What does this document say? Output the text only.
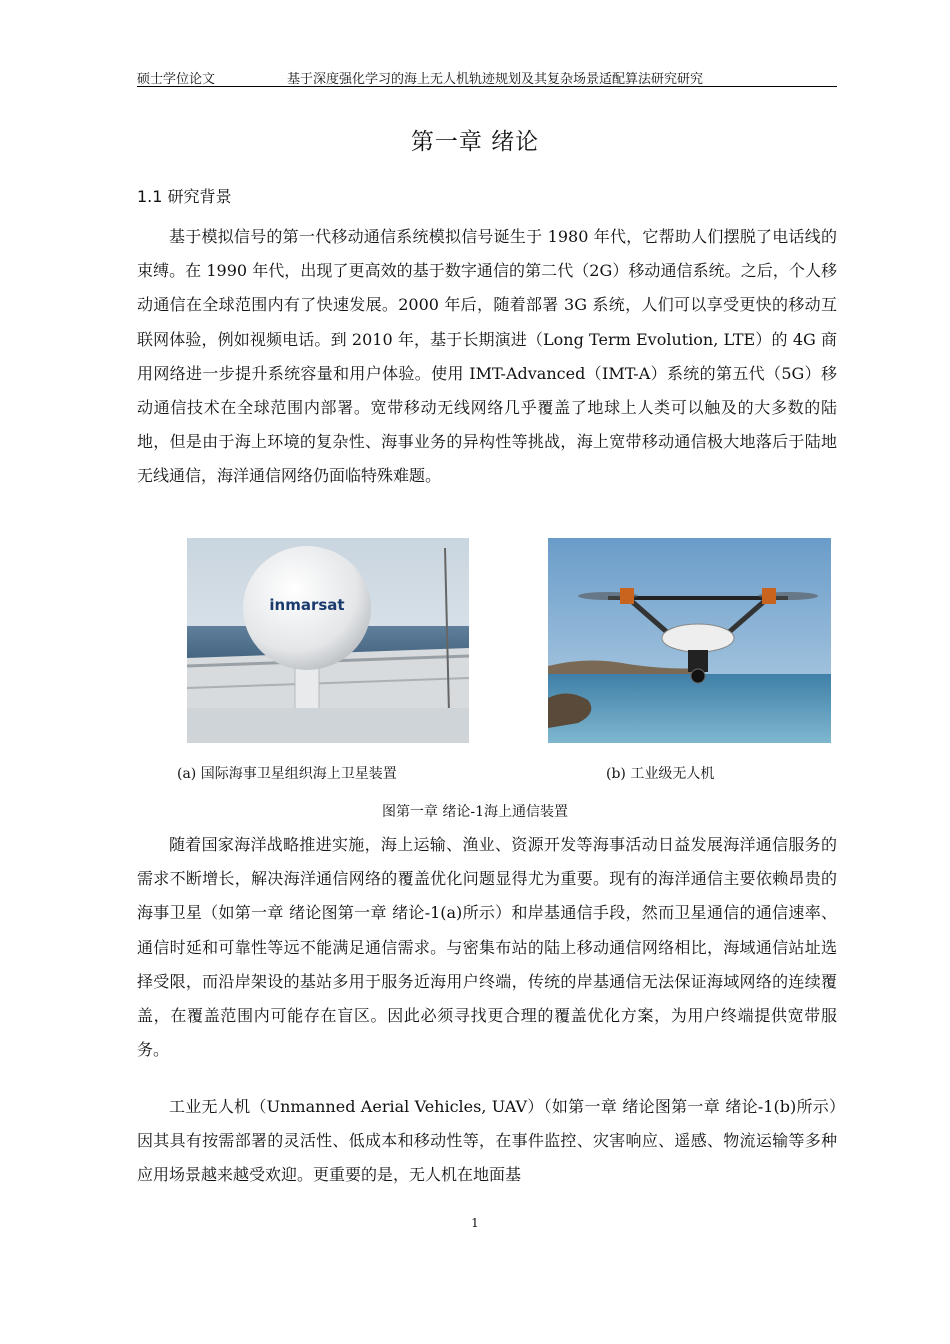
硕士学位论文	基于深度强化学习的海上无人机轨迹规划及其复杂场景适配算法研究研究
第一章 绪论
1.1 研究背景

基于模拟信号的第一代移动通信系统模拟信号诞生于 1980 年代，它帮助人们摆脱了电话线的束缚。在 1990 年代，出现了更高效的基于数字通信的第二代（2G）移动通信系统。之后，个人移动通信在全球范围内有了快速发展。2000 年后，随着部署 3G 系统，人们可以享受更快的移动互联网体验，例如视频电话。到 2010 年，基于长期演进（Long Term Evolution, LTE）的 4G 商用网络进一步提升系统容量和用户体验。使用 IMT-Advanced（IMT-A）系统的第五代（5G）移动通信技术在全球范围内部署。宽带移动无线网络几乎覆盖了地球上人类可以触及的大多数的陆地，但是由于海上环境的复杂性、海事业务的异构性等挑战，海上宽带移动通信极大地落后于陆地无线通信，海洋通信网络仍面临特殊难题。

inmarsat
(a) 国际海事卫星组织海上卫星装置	(b) 工业级无人机
图第一章 绪论-1海上通信装置

随着国家海洋战略推进实施，海上运输、渔业、资源开发等海事活动日益发展海洋通信服务的需求不断增长，解决海洋通信网络的覆盖优化问题显得尤为重要。现有的海洋通信主要依赖昂贵的海事卫星（如第一章 绪论图第一章 绪论-1(a)所示）和岸基通信手段，然而卫星通信的通信速率、通信时延和可靠性等远不能满足通信需求。与密集布站的陆上移动通信网络相比，海域通信站址选择受限，而沿岸架设的基站多用于服务近海用户终端，传统的岸基通信无法保证海域网络的连续覆盖，在覆盖范围内可能存在盲区。因此必须寻找更合理的覆盖优化方案，为用户终端提供宽带服务。

工业无人机（Unmanned Aerial Vehicles, UAV）（如第一章 绪论图第一章 绪论-1(b)所示）因其具有按需部署的灵活性、低成本和移动性等，在事件监控、灾害响应、遥感、物流运输等多种应用场景越来越受欢迎。更重要的是，无人机在地面基

1
